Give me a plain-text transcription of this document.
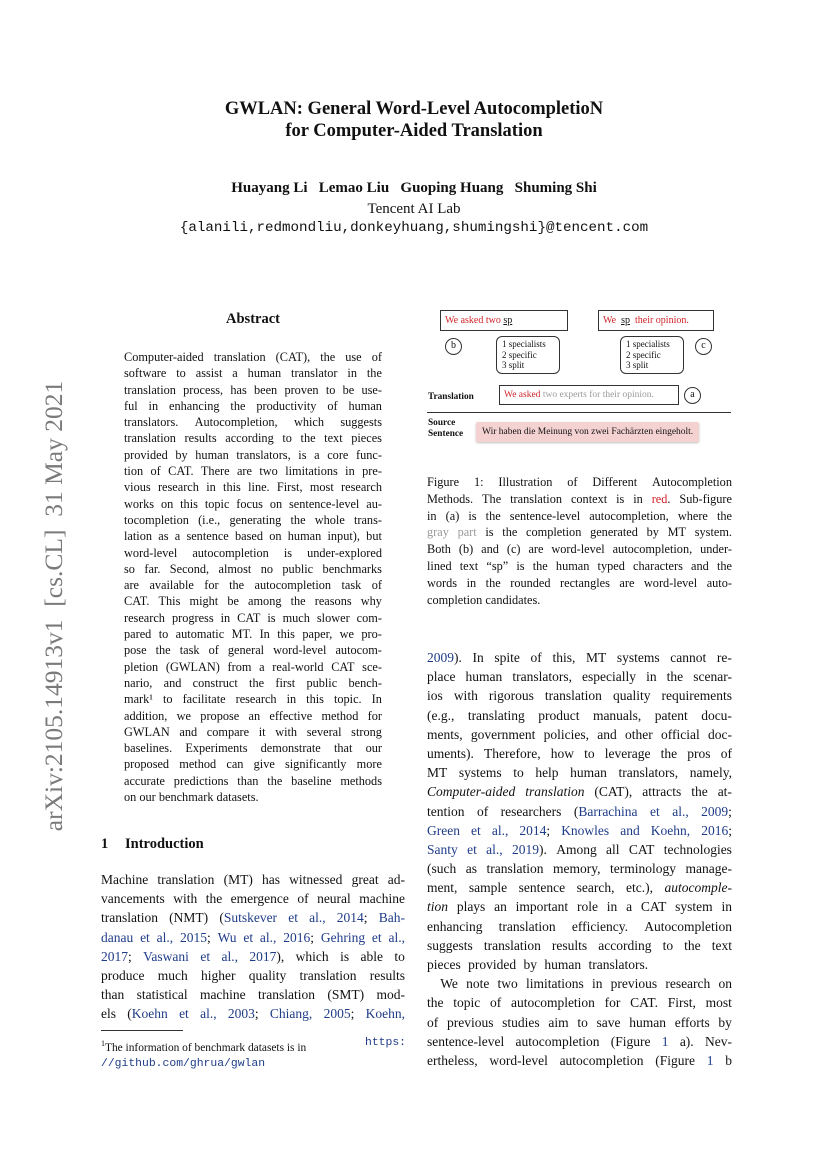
GWLAN: General Word-Level AutocompletioN
for Computer-Aided Translation
Huayang Li   Lemao Liu   Guoping Huang   Shuming Shi
Tencent AI Lab
{alanili,redmondliu,donkeyhuang,shumingshi}@tencent.com
arXiv:2105.14913v1  [cs.CL]  31 May 2021
Abstract
Computer-aided translation (CAT), the use of
software to assist a human translator in the
translation process, has been proven to be use-
ful in enhancing the productivity of human
translators. Autocompletion, which suggests
translation results according to the text pieces
provided by human translators, is a core func-
tion of CAT. There are two limitations in pre-
vious research in this line. First, most research
works on this topic focus on sentence-level au-
tocompletion (i.e., generating the whole trans-
lation as a sentence based on human input), but
word-level autocompletion is under-explored
so far. Second, almost no public benchmarks
are available for the autocompletion task of
CAT. This might be among the reasons why
research progress in CAT is much slower com-
pared to automatic MT. In this paper, we pro-
pose the task of general word-level autocom-
pletion (GWLAN) from a real-world CAT sce-
nario, and construct the first public bench-
mark¹ to facilitate research in this topic. In
addition, we propose an effective method for
GWLAN and compare it with several strong
baselines. Experiments demonstrate that our
proposed method can give significantly more
accurate predictions than the baseline methods
on our benchmark datasets.
We asked two sp	We  sp  their opinion.
b	1 specialists
2 specific
3 split
1 specialists
2 specific
3 split
c
Translation	We asked two experts for their opinion.	a
Source
Sentence	Wir haben die Meinung von zwei Fachärzten eingeholt.
Figure 1: Illustration of Different Autocompletion
Methods. The translation context is in red. Sub-figure
in (a) is the sentence-level autocompletion, where the
gray part is the completion generated by MT system.
Both (b) and (c) are word-level autocompletion, under-
lined text “sp” is the human typed characters and the
words in the rounded rectangles are word-level auto-
completion candidates.
1 Introduction
Machine translation (MT) has witnessed great ad-
vancements with the emergence of neural machine
translation (NMT) (Sutskever et al., 2014; Bah-
danau et al., 2015; Wu et al., 2016; Gehring et al.,
2017; Vaswani et al., 2017), which is able to
produce much higher quality translation results
than statistical machine translation (SMT) mod-
els (Koehn et al., 2003; Chiang, 2005; Koehn,
$^1$The information of benchmark datasets is in	https:
//github.com/ghrua/gwlan
2009). In spite of this, MT systems cannot re-
place human translators, especially in the scenar-
ios with rigorous translation quality requirements
(e.g., translating product manuals, patent docu-
ments, government policies, and other official doc-
uments). Therefore, how to leverage the pros of
MT systems to help human translators, namely,
Computer-aided translation (CAT), attracts the at-
tention of researchers (Barrachina et al., 2009;
Green et al., 2014; Knowles and Koehn, 2016;
Santy et al., 2019). Among all CAT technologies
(such as translation memory, terminology manage-
ment, sample sentence search, etc.), autocomple-
tion plays an important role in a CAT system in
enhancing translation efficiency. Autocompletion
suggests translation results according to the text
pieces provided by human translators.
We note two limitations in previous research on
the topic of autocompletion for CAT. First, most
of previous studies aim to save human efforts by
sentence-level autocompletion (Figure 1 a). Nev-
ertheless, word-level autocompletion (Figure 1 b
